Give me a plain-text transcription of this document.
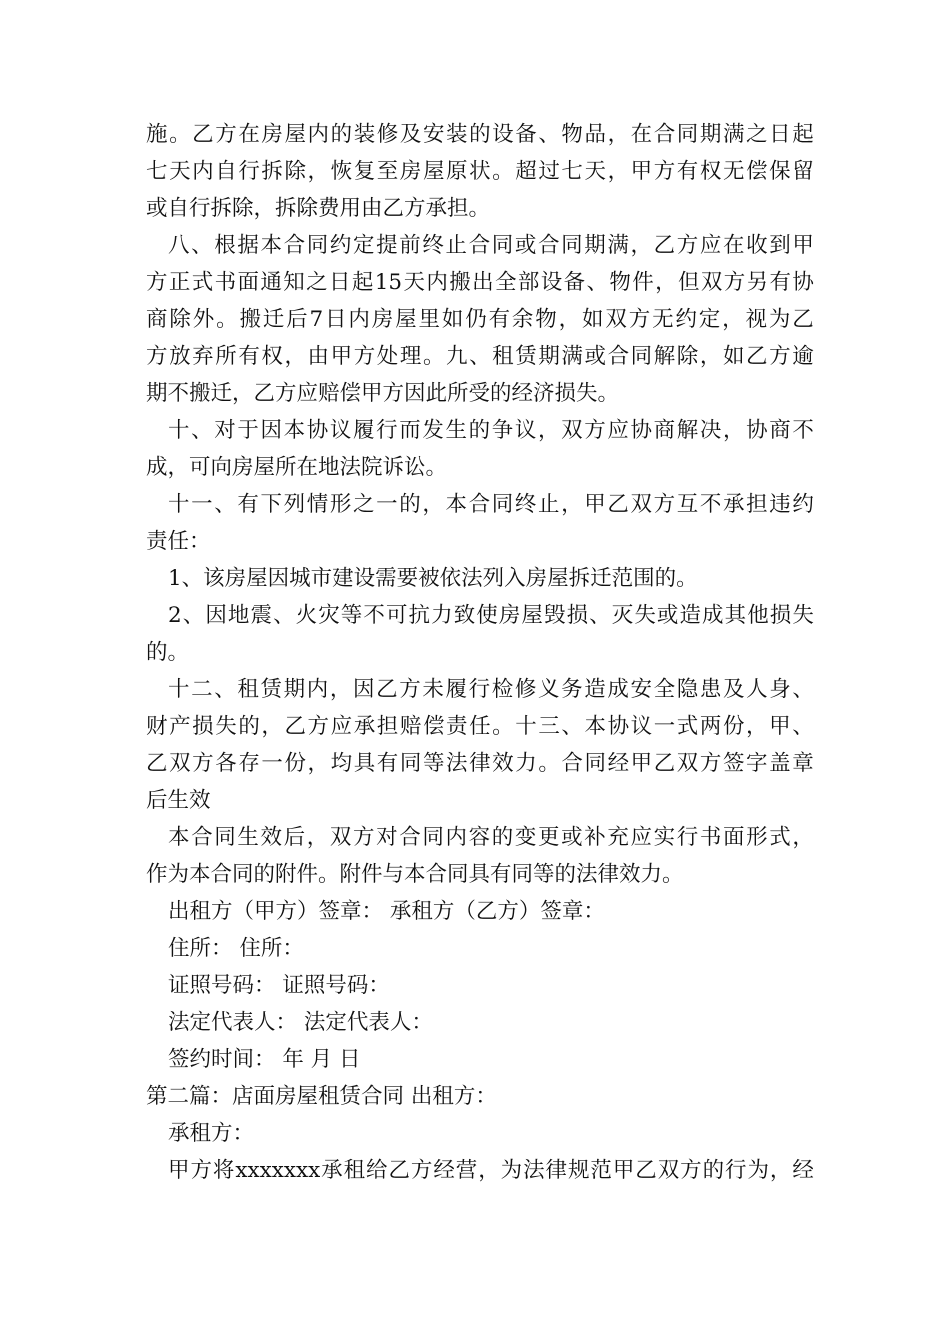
施 。 乙 方 在 房 屋 内 的 装 修 及 安 装 的 设 备 、 物 品 ， 在 合 同 期 满 之 日 起
七 天 内 自 行 拆 除 ， 恢 复 至 房 屋 原 状 。 超 过 七 天 ， 甲 方 有 权 无 偿 保 留
或自行拆除，拆除费用由乙方承担。
八 、 根 据 本 合 同 约 定 提 前 终 止 合 同 或 合 同 期 满 ， 乙 方 应 在 收 到 甲
方 正 式 书 面 通 知 之 日 起 15 天 内 搬 出 全 部 设 备 、 物 件 ， 但 双 方 另 有 协
商 除 外 。 搬 迁 后 7 日 内 房 屋 里 如 仍 有 余 物 ， 如 双 方 无 约 定 ， 视 为 乙
方 放 弃 所 有 权 ， 由 甲 方 处 理 。 九 、 租 赁 期 满 或 合 同 解 除 ， 如 乙 方 逾
期不搬迁，乙方应赔偿甲方因此所受的经济损失。
十 、 对 于 因 本 协 议 履 行 而 发 生 的 争 议 ， 双 方 应 协 商 解 决 ， 协 商 不
成，可向房屋所在地法院诉讼。
十 一 、 有 下 列 情 形 之 一 的 ， 本 合 同 终 止 ， 甲 乙 双 方 互 不 承 担 违 约
责任：
1、该房屋因城市建设需要被依法列入房屋拆迁范围的。
2 、 因 地 震 、 火 灾 等 不 可 抗 力 致 使 房 屋 毁 损 、 灭 失 或 造 成 其 他 损 失
的。
十 二 、 租 赁 期 内 ， 因 乙 方 未 履 行 检 修 义 务 造 成 安 全 隐 患 及 人 身 、
财 产 损 失 的 ， 乙 方 应 承 担 赔 偿 责 任 。 十 三 、 本 协 议 一 式 两 份 ， 甲 、
乙 双 方 各 存 一 份 ， 均 具 有 同 等 法 律 效 力 。 合 同 经 甲 乙 双 方 签 字 盖 章
后生效
本 合 同 生 效 后 ， 双 方 对 合 同 内 容 的 变 更 或 补 充 应 实 行 书 面 形 式 ，
作为本合同的附件。附件与本合同具有同等的法律效力。
出租方（甲方）签章： 承租方（乙方）签章：
住所： 住所：
证照号码： 证照号码：
法定代表人： 法定代表人：
签约时间： 年 月 日
第二篇：店面房屋租赁合同 出租方：
承租方：
甲 方 将 xxxxxxx 承 租 给 乙 方 经 营 ， 为 法 律 规 范 甲 乙 双 方 的 行 为 ， 经
